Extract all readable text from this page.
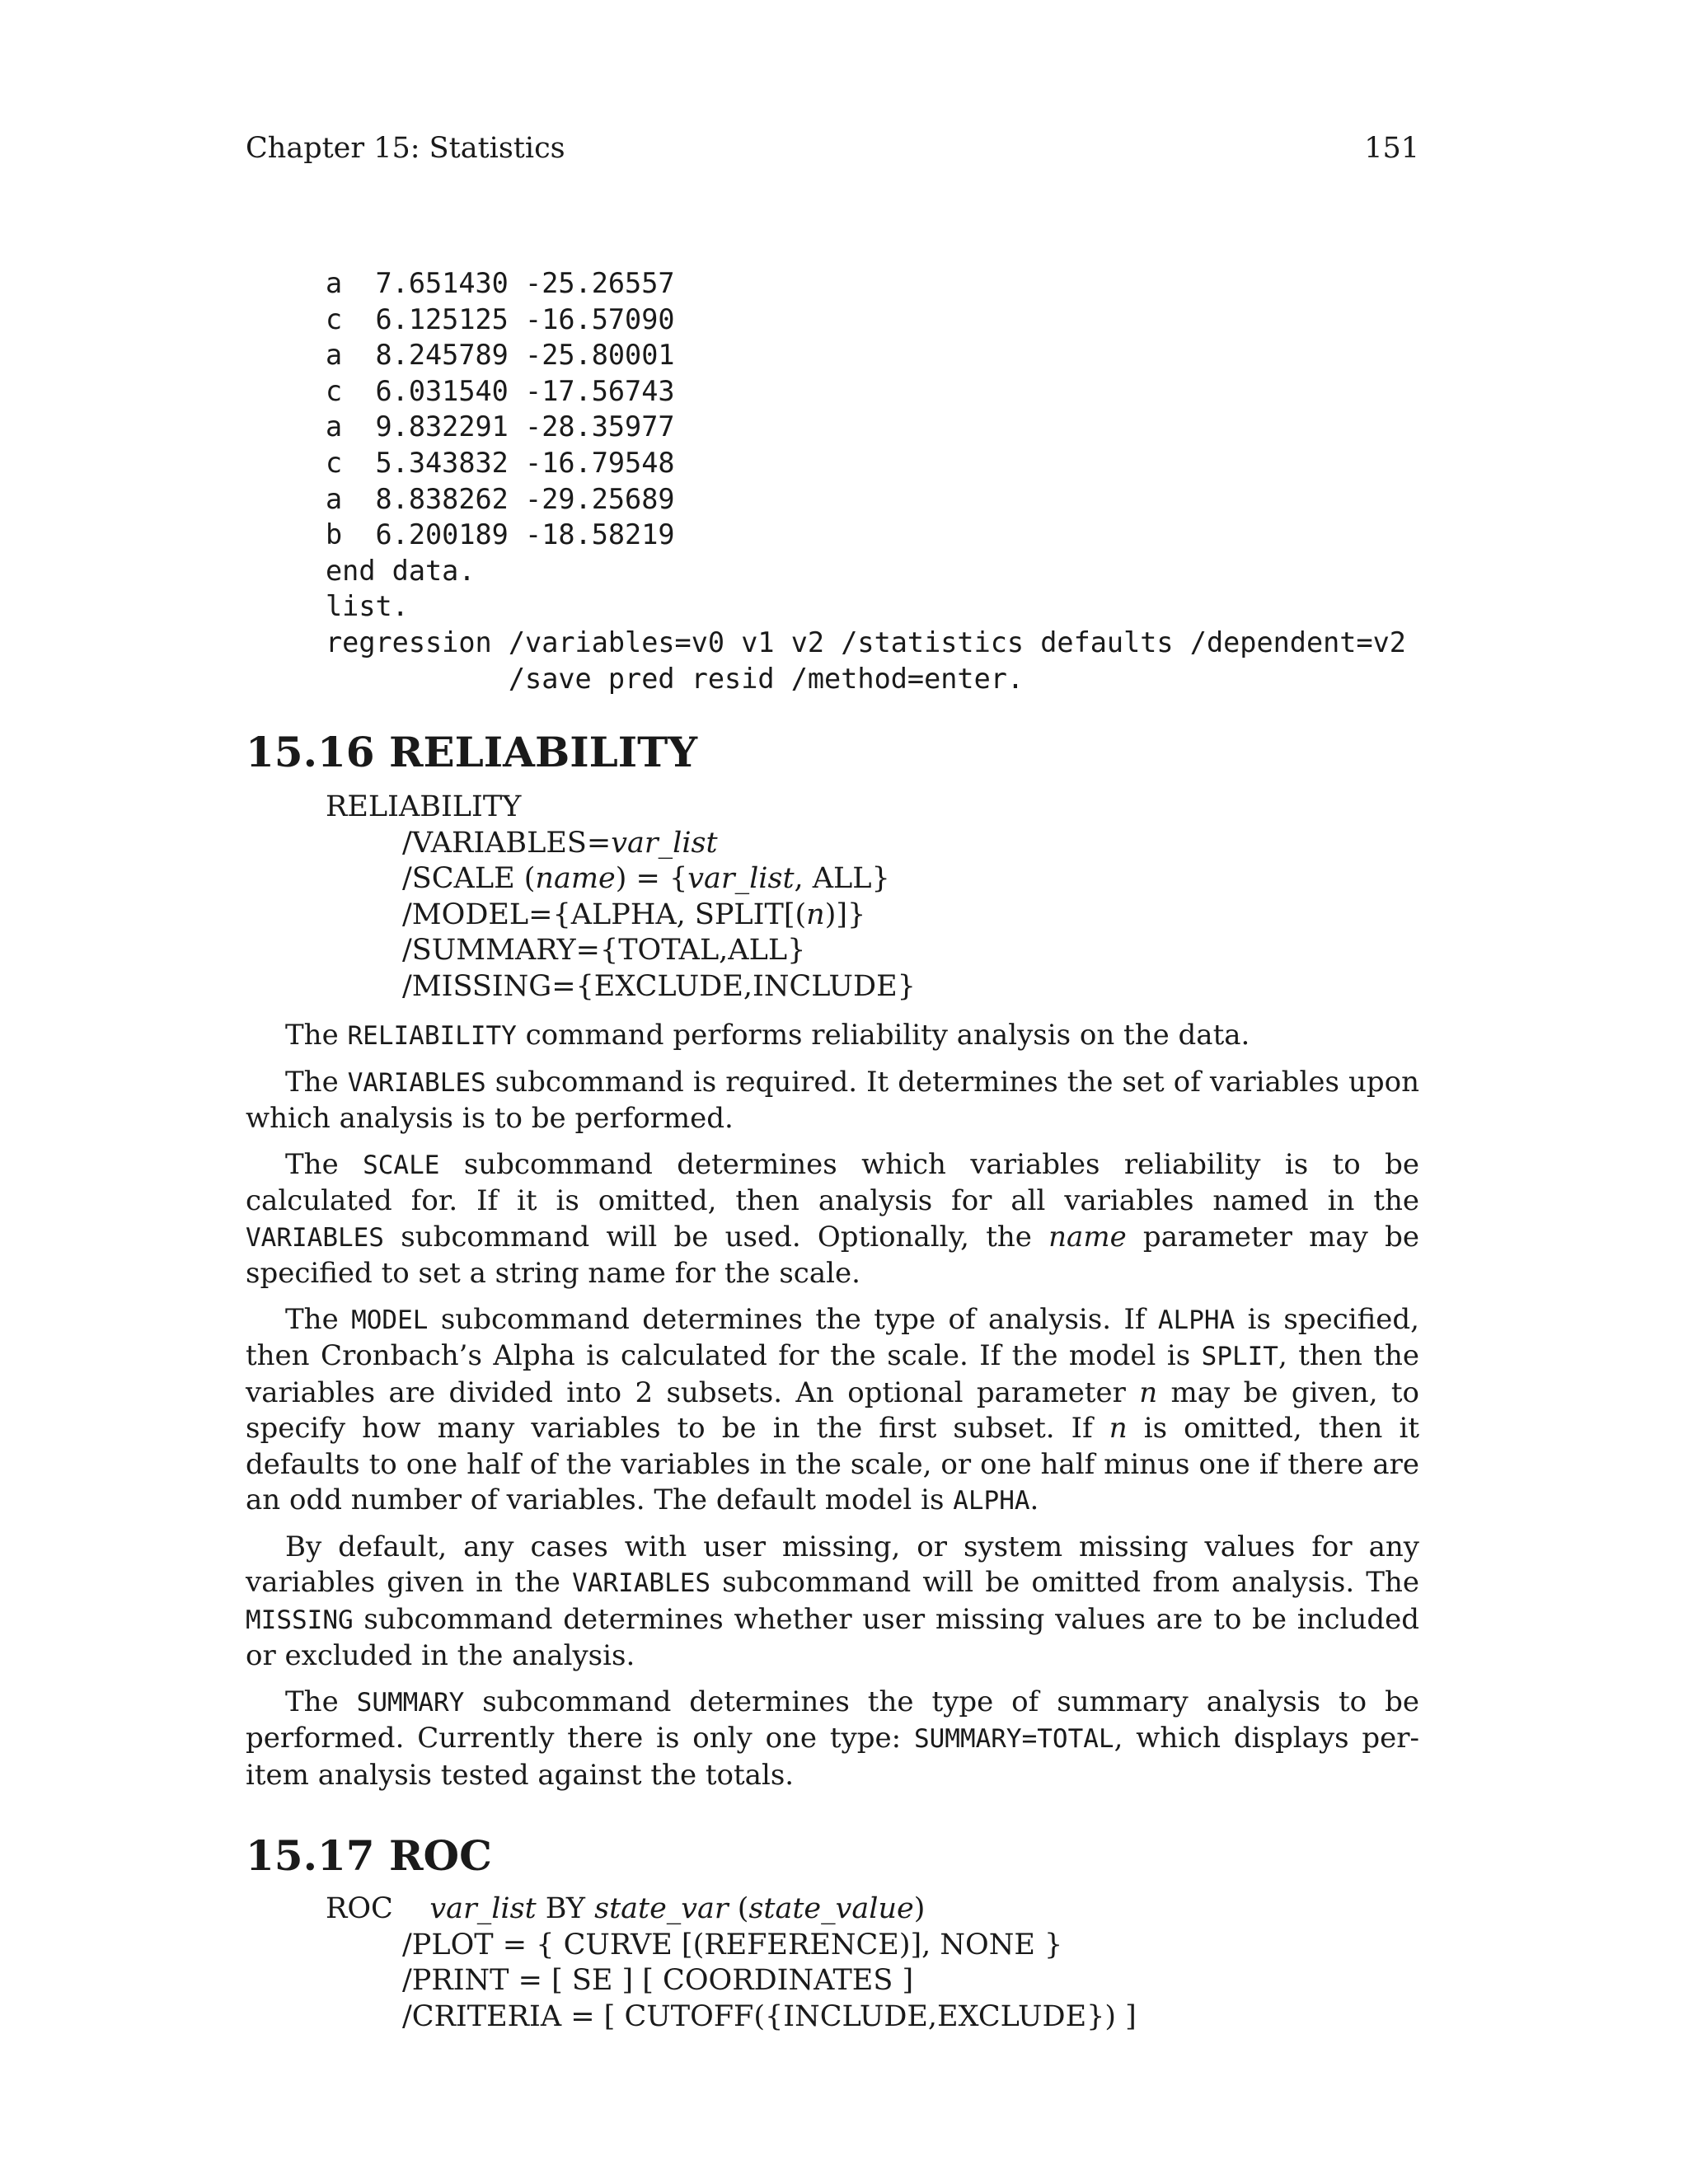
Chapter 15: Statistics	151
a  7.651430 -25.26557
c  6.125125 -16.57090
a  8.245789 -25.80001
c  6.031540 -17.56743
a  9.832291 -28.35977
c  5.343832 -16.79548
a  8.838262 -29.25689
b  6.200189 -18.58219
end data.
list.
regression /variables=v0 v1 v2 /statistics defaults /dependent=v2
/save pred resid /method=enter.
15.16 RELIABILITY
RELIABILITY
/VARIABLES=var_list
/SCALE (name) = {var_list, ALL}
/MODEL={ALPHA, SPLIT[(n)]}
/SUMMARY={TOTAL,ALL}
/MISSING={EXCLUDE,INCLUDE}

The RELIABILITY command performs reliability analysis on the data.

The VARIABLES subcommand is required. It determines the set of variables upon which analysis is to be performed.

The SCALE subcommand determines which variables reliability is to be calculated for. If it is omitted, then analysis for all variables named in the VARIABLES subcommand will be used. Optionally, the name parameter may be specified to set a string name for the scale.

The MODEL subcommand determines the type of analysis. If ALPHA is specified, then Cronbach’s Alpha is calculated for the scale. If the model is SPLIT, then the variables are divided into 2 subsets. An optional parameter n may be given, to specify how many variables to be in the first subset. If n is omitted, then it defaults to one half of the variables in the scale, or one half minus one if there are an odd number of variables. The default model is ALPHA.

By default, any cases with user missing, or system missing values for any variables given in the VARIABLES subcommand will be omitted from analysis. The MISSING subcommand determines whether user missing values are to be included or excluded in the analysis.

The SUMMARY subcommand determines the type of summary analysis to be performed. Currently there is only one type: SUMMARY=TOTAL, which displays per-item analysis tested against the totals.

15.17 ROC
ROC var_list BY state_var (state_value)
/PLOT = { CURVE [(REFERENCE)], NONE }
/PRINT = [ SE ] [ COORDINATES ]
/CRITERIA = [ CUTOFF({INCLUDE,EXCLUDE}) ]
